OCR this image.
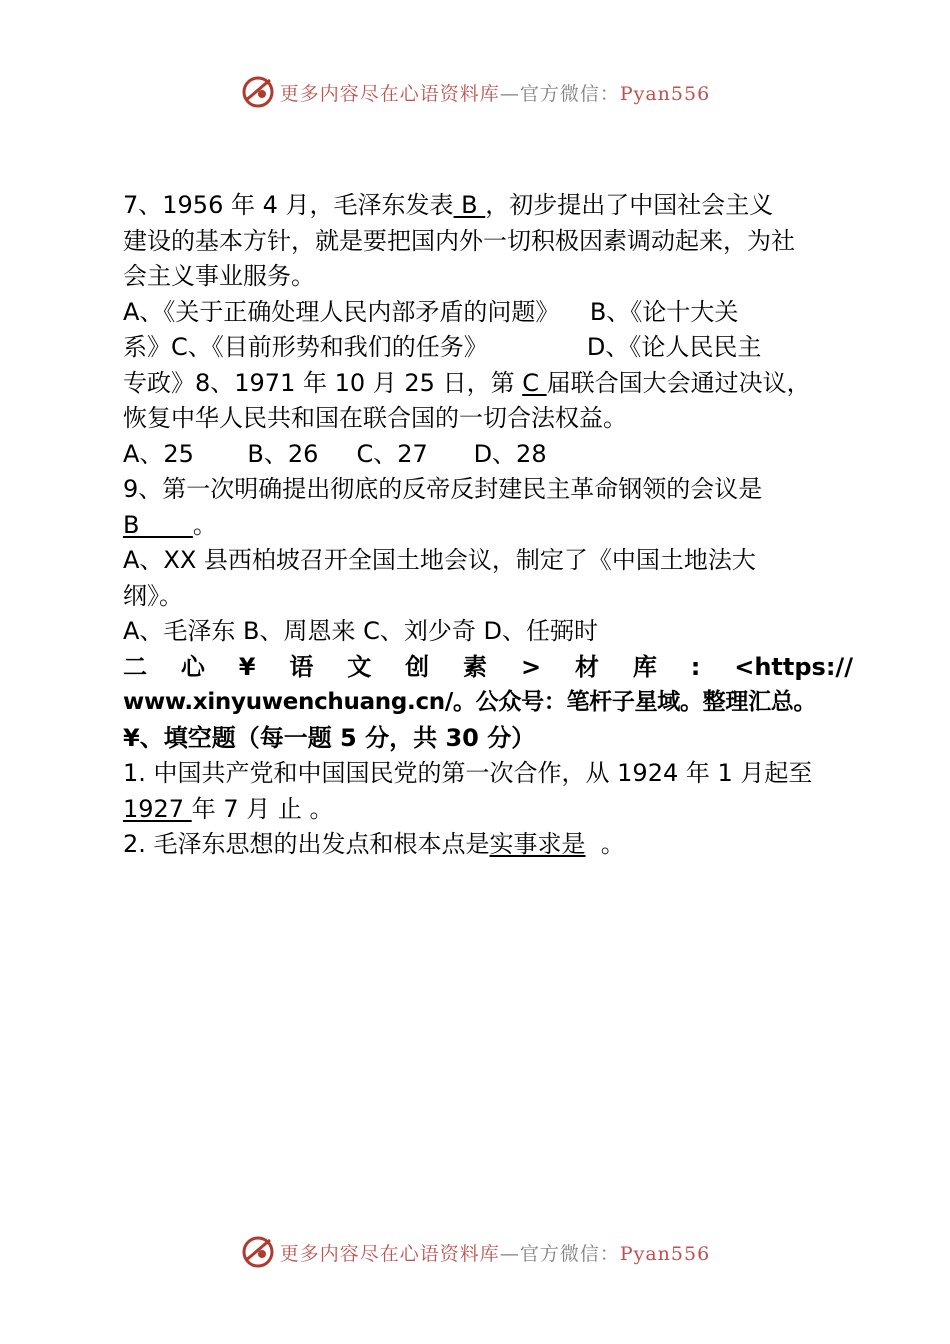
更多内容尽在心语资料库—官方微信：Pyan556
7、1956 年 4 月，毛泽东发表 B ，初步提出了中国社会主义
建设的基本方针，就是要把国内外一切积极因素调动起来，为社
会主义事业服务。
A、《关于正确处理人民内部矛盾的问题》    B、《论十大关
系》C、《目前形势和我们的任务》             D、《论人民民主
专政》8、1971 年 10 月 25 日，第 C 届联合国大会通过决议，
恢复中华人民共和国在联合国的一切合法权益。
A、25       B、26     C、27      D、28
9、第一次明确提出彻底的反帝反封建民主革命钢领的会议是
B       。
A、XX 县西柏坡召开全国土地会议，制定了《中国土地法大
纲》。
A、毛泽东 B、周恩来 C、刘少奇 D、任弼时
二 心 ¥ 语 文 创 素 > 材 库 : <https://
www.xinyuwenchuang.cn/。公众号：笔杆子星域。整理汇总。
¥、填空题（每一题 5 分，共 30 分）
1. 中国共产党和中国国民党的第一次合作，从 1924 年 1 月起至
1927 年 7 月 止 。
2. 毛泽东思想的出发点和根本点是实事求是  。
更多内容尽在心语资料库—官方微信：Pyan556
